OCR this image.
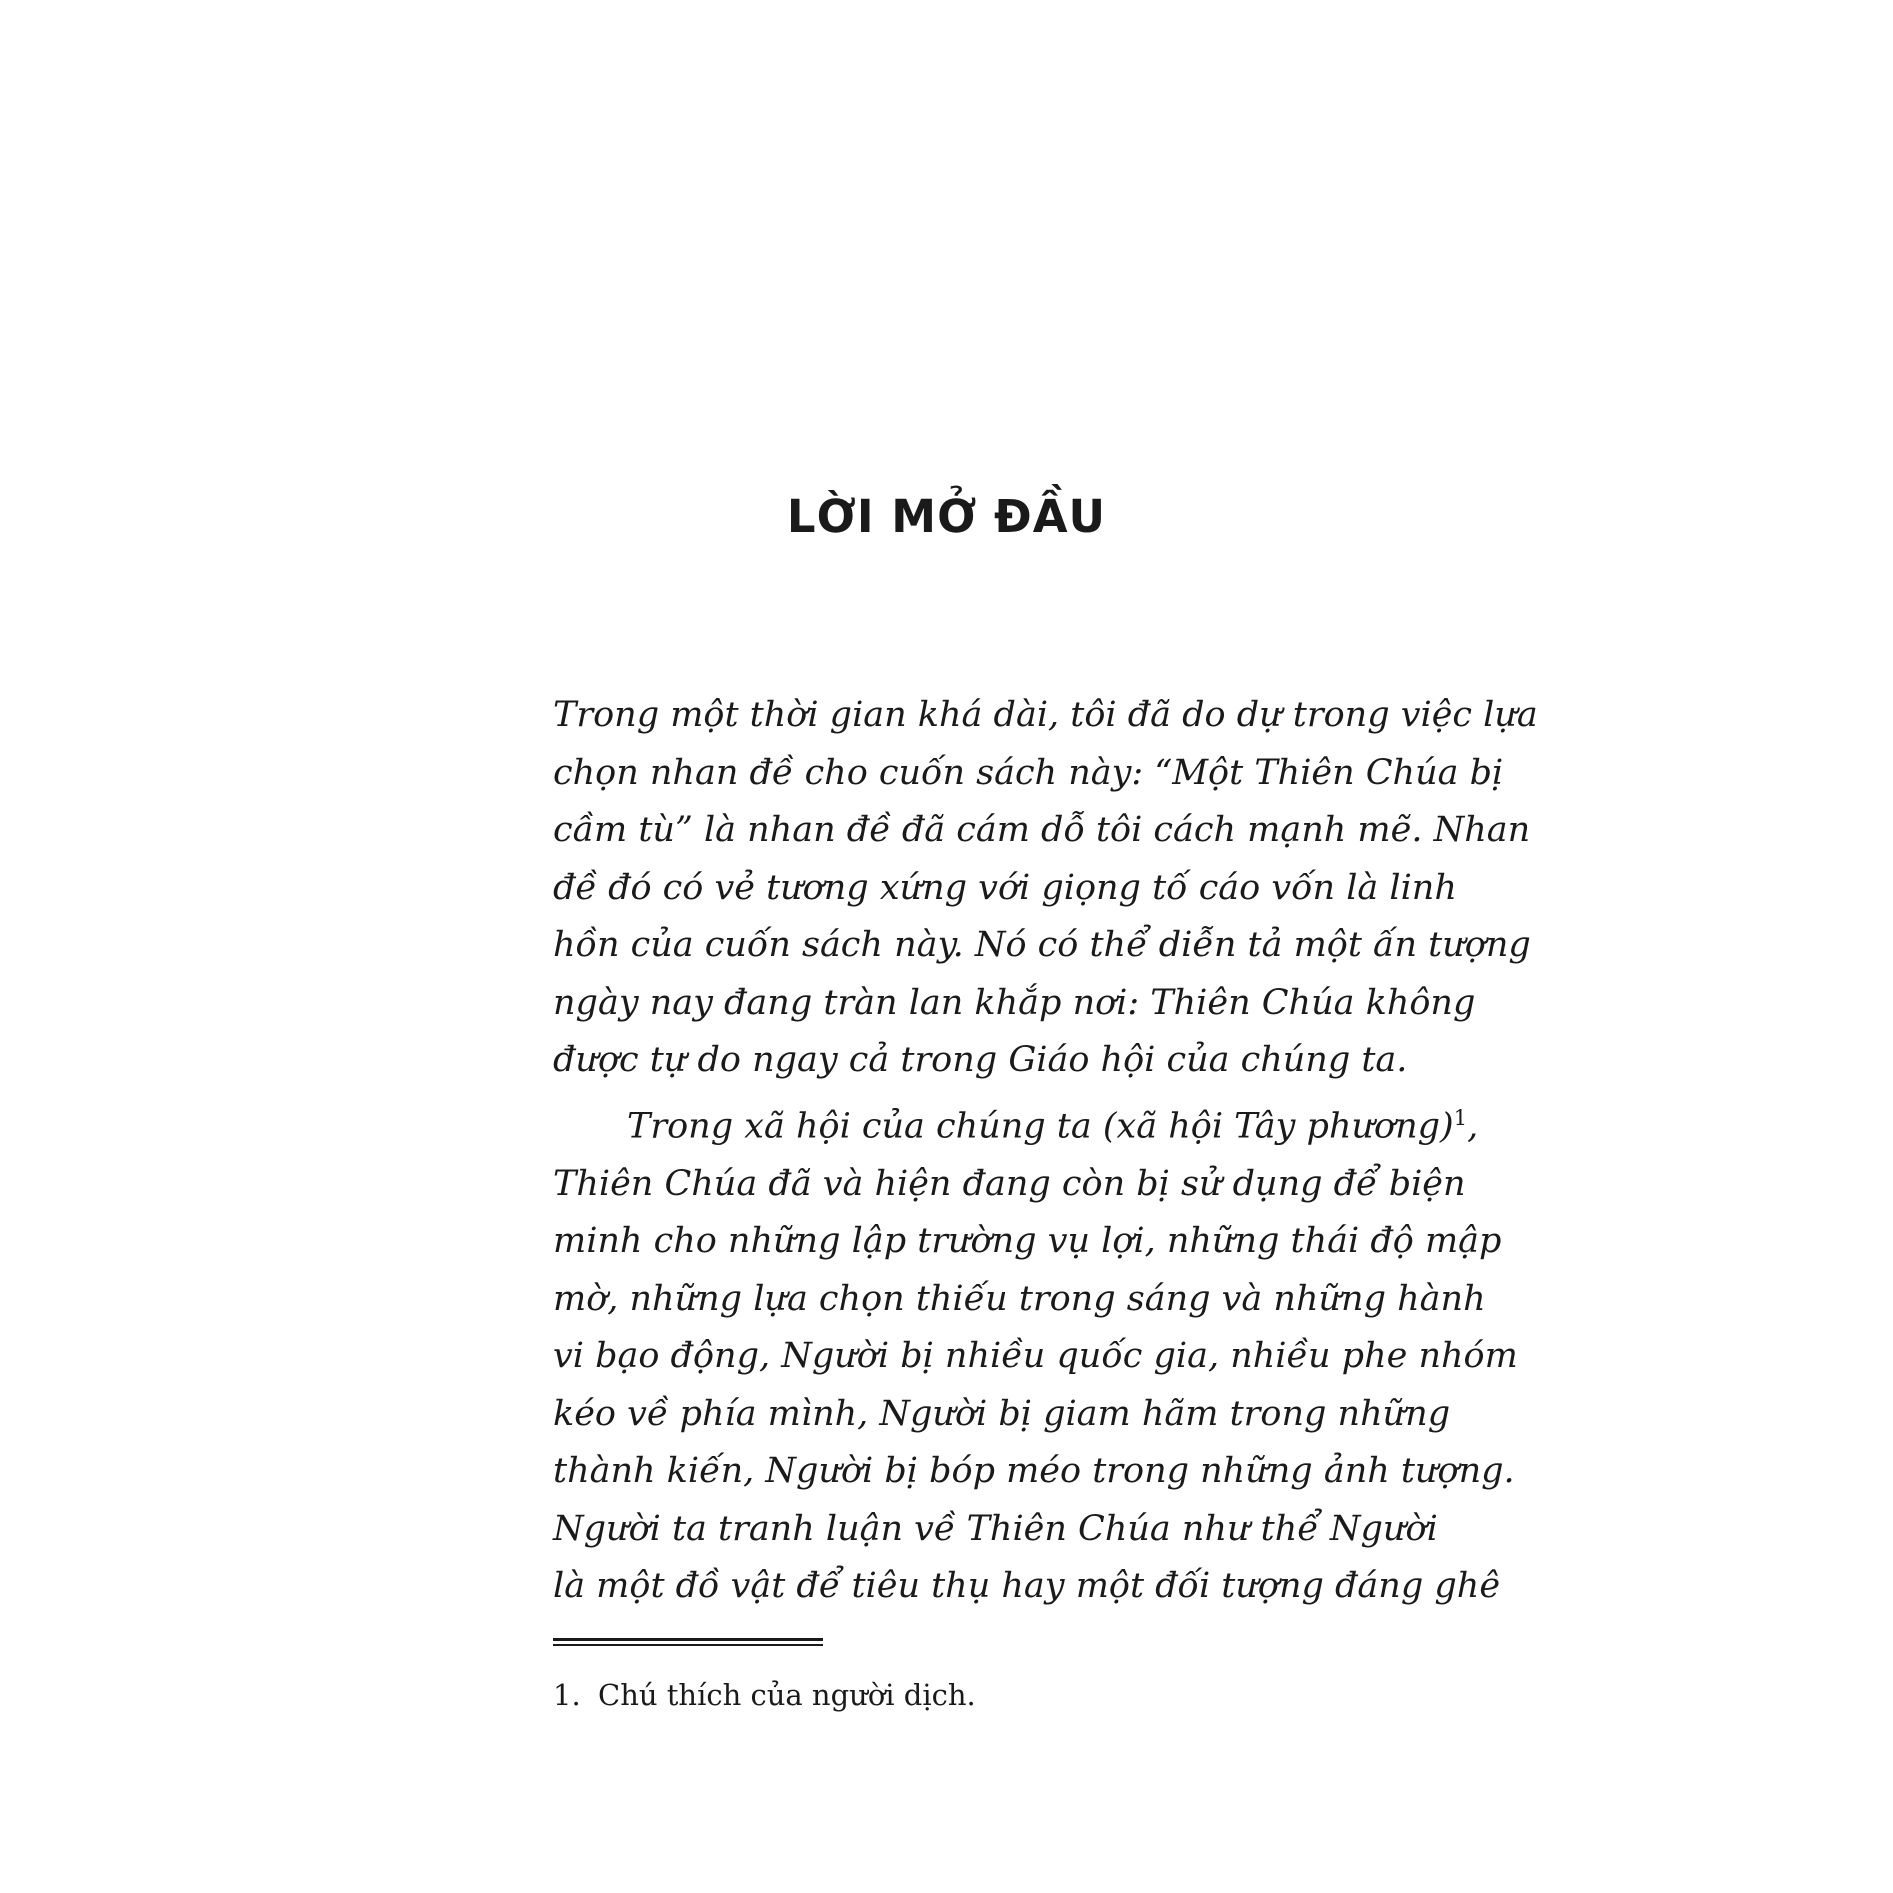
LỜI MỞ ĐẦU
Trong một thời gian khá dài, tôi đã do dự trong việc lựa
chọn nhan đề cho cuốn sách này: “Một Thiên Chúa bị
cầm tù” là nhan đề đã cám dỗ tôi cách mạnh mẽ. Nhan
đề đó có vẻ tương xứng với giọng tố cáo vốn là linh
hồn của cuốn sách này. Nó có thể diễn tả một ấn tượng
ngày nay đang tràn lan khắp nơi: Thiên Chúa không
được tự do ngay cả trong Giáo hội của chúng ta.
Trong xã hội của chúng ta (xã hội Tây phương)$^1$,
Thiên Chúa đã và hiện đang còn bị sử dụng để biện
minh cho những lập trường vụ lợi, những thái độ mập
mờ, những lựa chọn thiếu trong sáng và những hành
vi bạo động, Người bị nhiều quốc gia, nhiều phe nhóm
kéo về phía mình, Người bị giam hãm trong những
thành kiến, Người bị bóp méo trong những ảnh tượng.
Người ta tranh luận về Thiên Chúa như thể Người
là một đồ vật để tiêu thụ hay một đối tượng đáng ghê
1. Chú thích của người dịch.
